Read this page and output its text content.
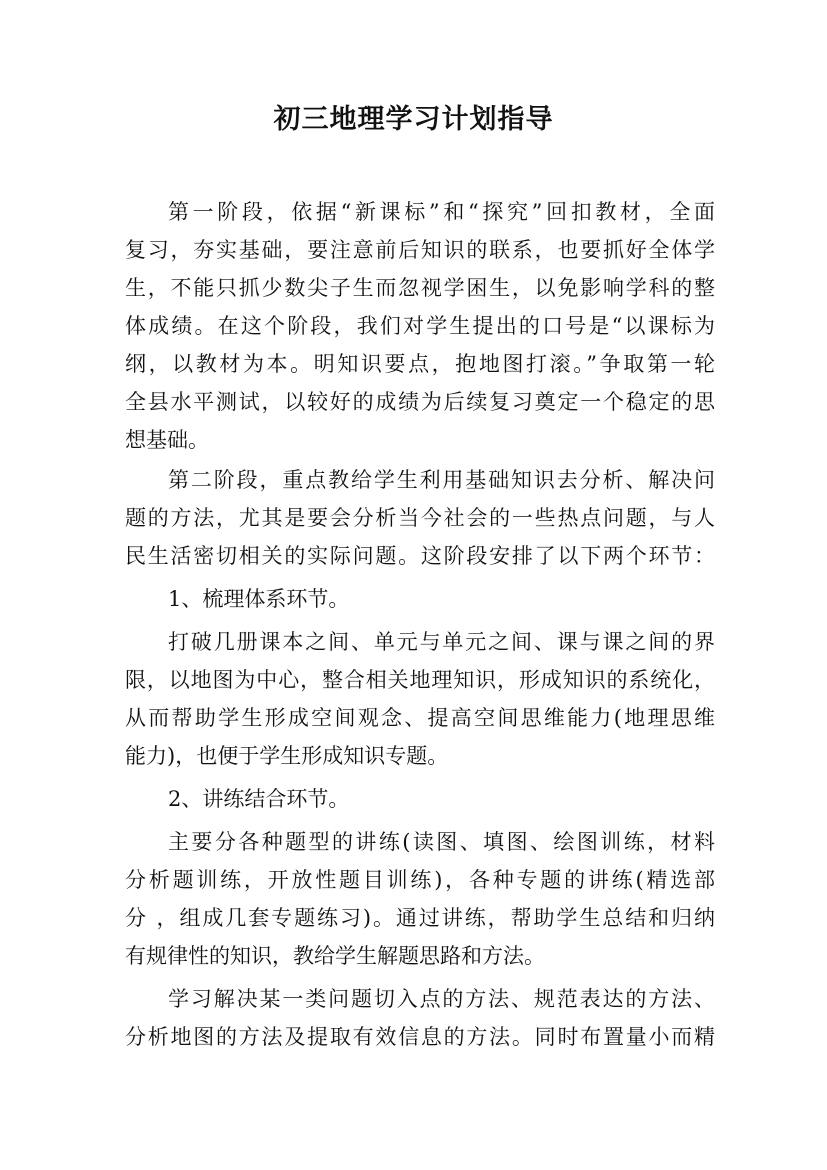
初三地理学习计划指导
第一阶段，依据“新课标”和“探究”回扣教材，全面
复习，夯实基础，要注意前后知识的联系，也要抓好全体学
生，不能只抓少数尖子生而忽视学困生，以免影响学科的整
体成绩。在这个阶段，我们对学生提出的口号是“以课标为
纲，以教材为本。明知识要点，抱地图打滚。”争取第一轮
全县水平测试，以较好的成绩为后续复习奠定一个稳定的思
想基础。
第二阶段，重点教给学生利用基础知识去分析、解决问
题的方法，尤其是要会分析当今社会的一些热点问题，与人
民生活密切相关的实际问题。这阶段安排了以下两个环节：
1、梳理体系环节。
打破几册课本之间、单元与单元之间、课与课之间的界
限，以地图为中心，整合相关地理知识，形成知识的系统化，
从而帮助学生形成空间观念、提高空间思维能力(地理思维
能力)，也便于学生形成知识专题。
2、讲练结合环节。
主要分各种题型的讲练(读图、填图、绘图训练，材料
分析题训练，开放性题目训练)，各种专题的讲练(精选部
分 ，组成几套专题练习)。通过讲练，帮助学生总结和归纳
有规律性的知识，教给学生解题思路和方法。
学习解决某一类问题切入点的方法、规范表达的方法、
分析地图的方法及提取有效信息的方法。同时布置量小而精
